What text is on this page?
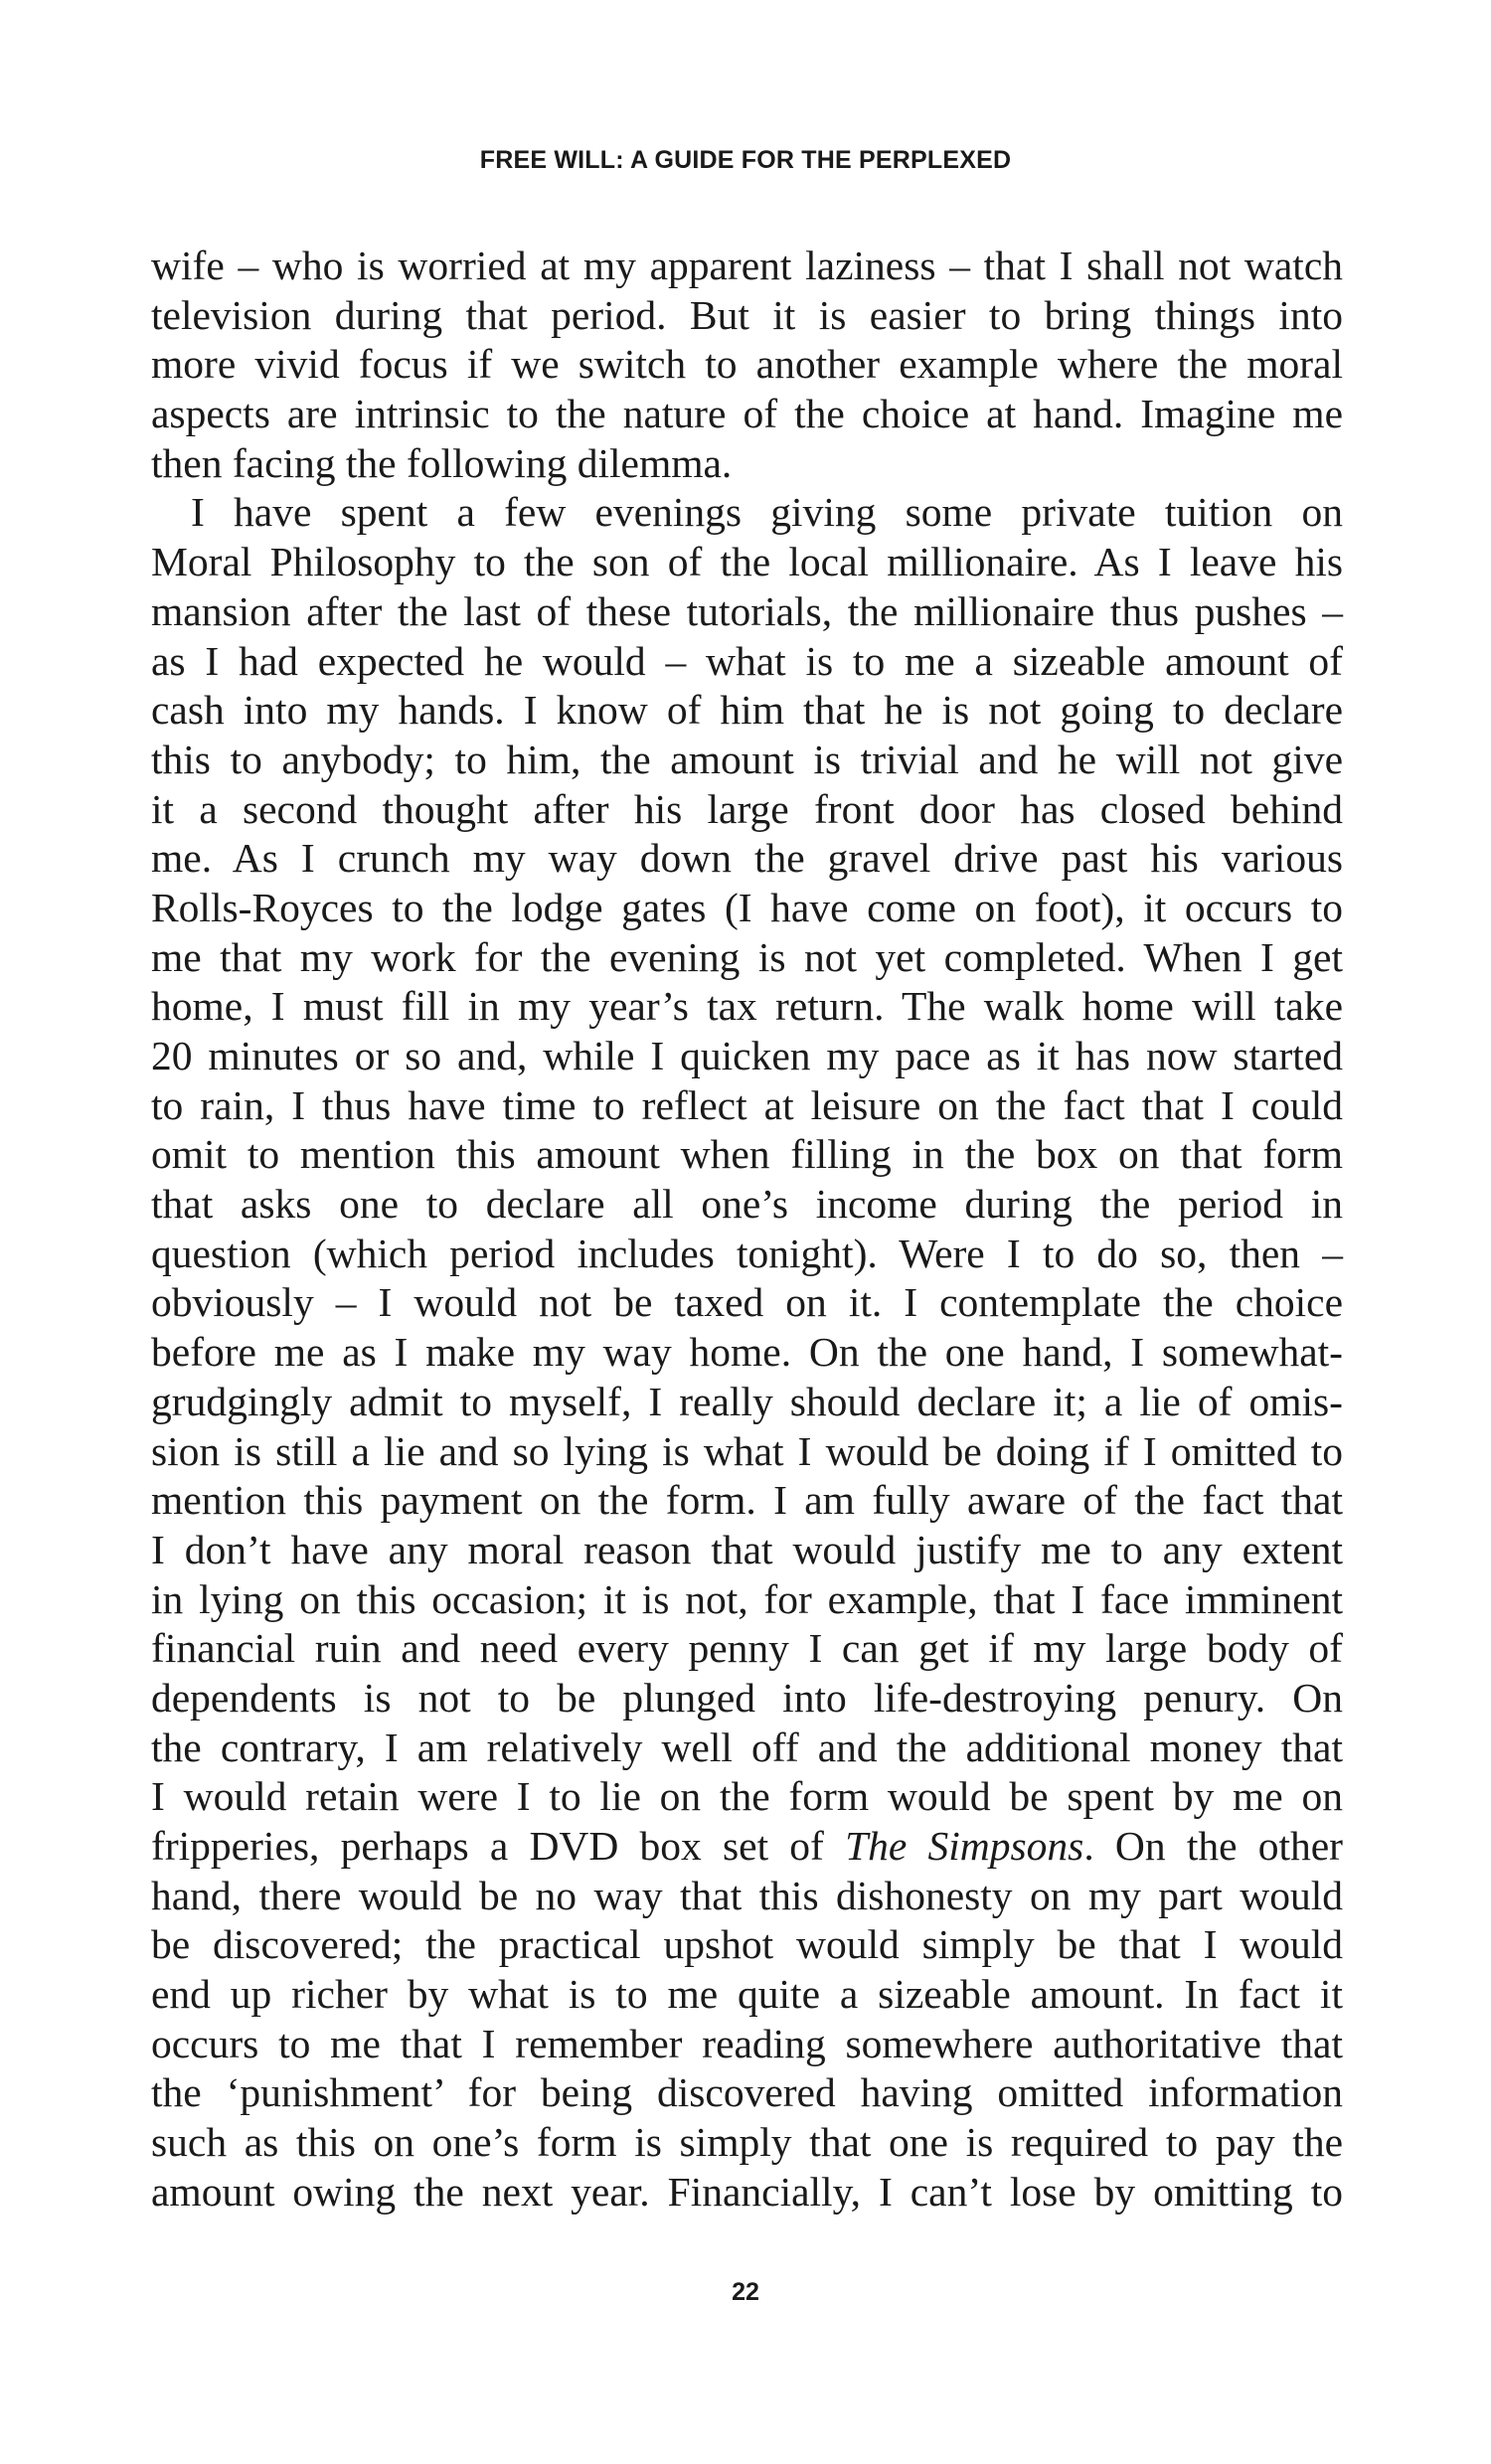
FREE WILL: A GUIDE FOR THE PERPLEXED
wife – who is worried at my apparent laziness – that I shall not watch
television during that period. But it is easier to bring things into
more vivid focus if we switch to another example where the moral
aspects are intrinsic to the nature of the choice at hand. Imagine me
then facing the following dilemma.
I have spent a few evenings giving some private tuition on
Moral Philosophy to the son of the local millionaire. As I leave his
mansion after the last of these tutorials, the millionaire thus pushes –
as I had expected he would – what is to me a sizeable amount of
cash into my hands. I know of him that he is not going to declare
this to anybody; to him, the amount is trivial and he will not give
it a second thought after his large front door has closed behind
me. As I crunch my way down the gravel drive past his various
Rolls-Royces to the lodge gates (I have come on foot), it occurs to
me that my work for the evening is not yet completed. When I get
home, I must fill in my year’s tax return. The walk home will take
20 minutes or so and, while I quicken my pace as it has now started
to rain, I thus have time to reflect at leisure on the fact that I could
omit to mention this amount when filling in the box on that form
that asks one to declare all one’s income during the period in
question (which period includes tonight). Were I to do so, then –
obviously – I would not be taxed on it. I contemplate the choice
before me as I make my way home. On the one hand, I somewhat-
grudgingly admit to myself, I really should declare it; a lie of omis-
sion is still a lie and so lying is what I would be doing if I omitted to
mention this payment on the form. I am fully aware of the fact that
I don’t have any moral reason that would justify me to any extent
in lying on this occasion; it is not, for example, that I face imminent
financial ruin and need every penny I can get if my large body of
dependents is not to be plunged into life-destroying penury. On
the contrary, I am relatively well off and the additional money that
I would retain were I to lie on the form would be spent by me on
fripperies, perhaps a DVD box set of The Simpsons. On the other
hand, there would be no way that this dishonesty on my part would
be discovered; the practical upshot would simply be that I would
end up richer by what is to me quite a sizeable amount. In fact it
occurs to me that I remember reading somewhere authoritative that
the ‘punishment’ for being discovered having omitted information
such as this on one’s form is simply that one is required to pay the
amount owing the next year. Financially, I can’t lose by omitting to
22
